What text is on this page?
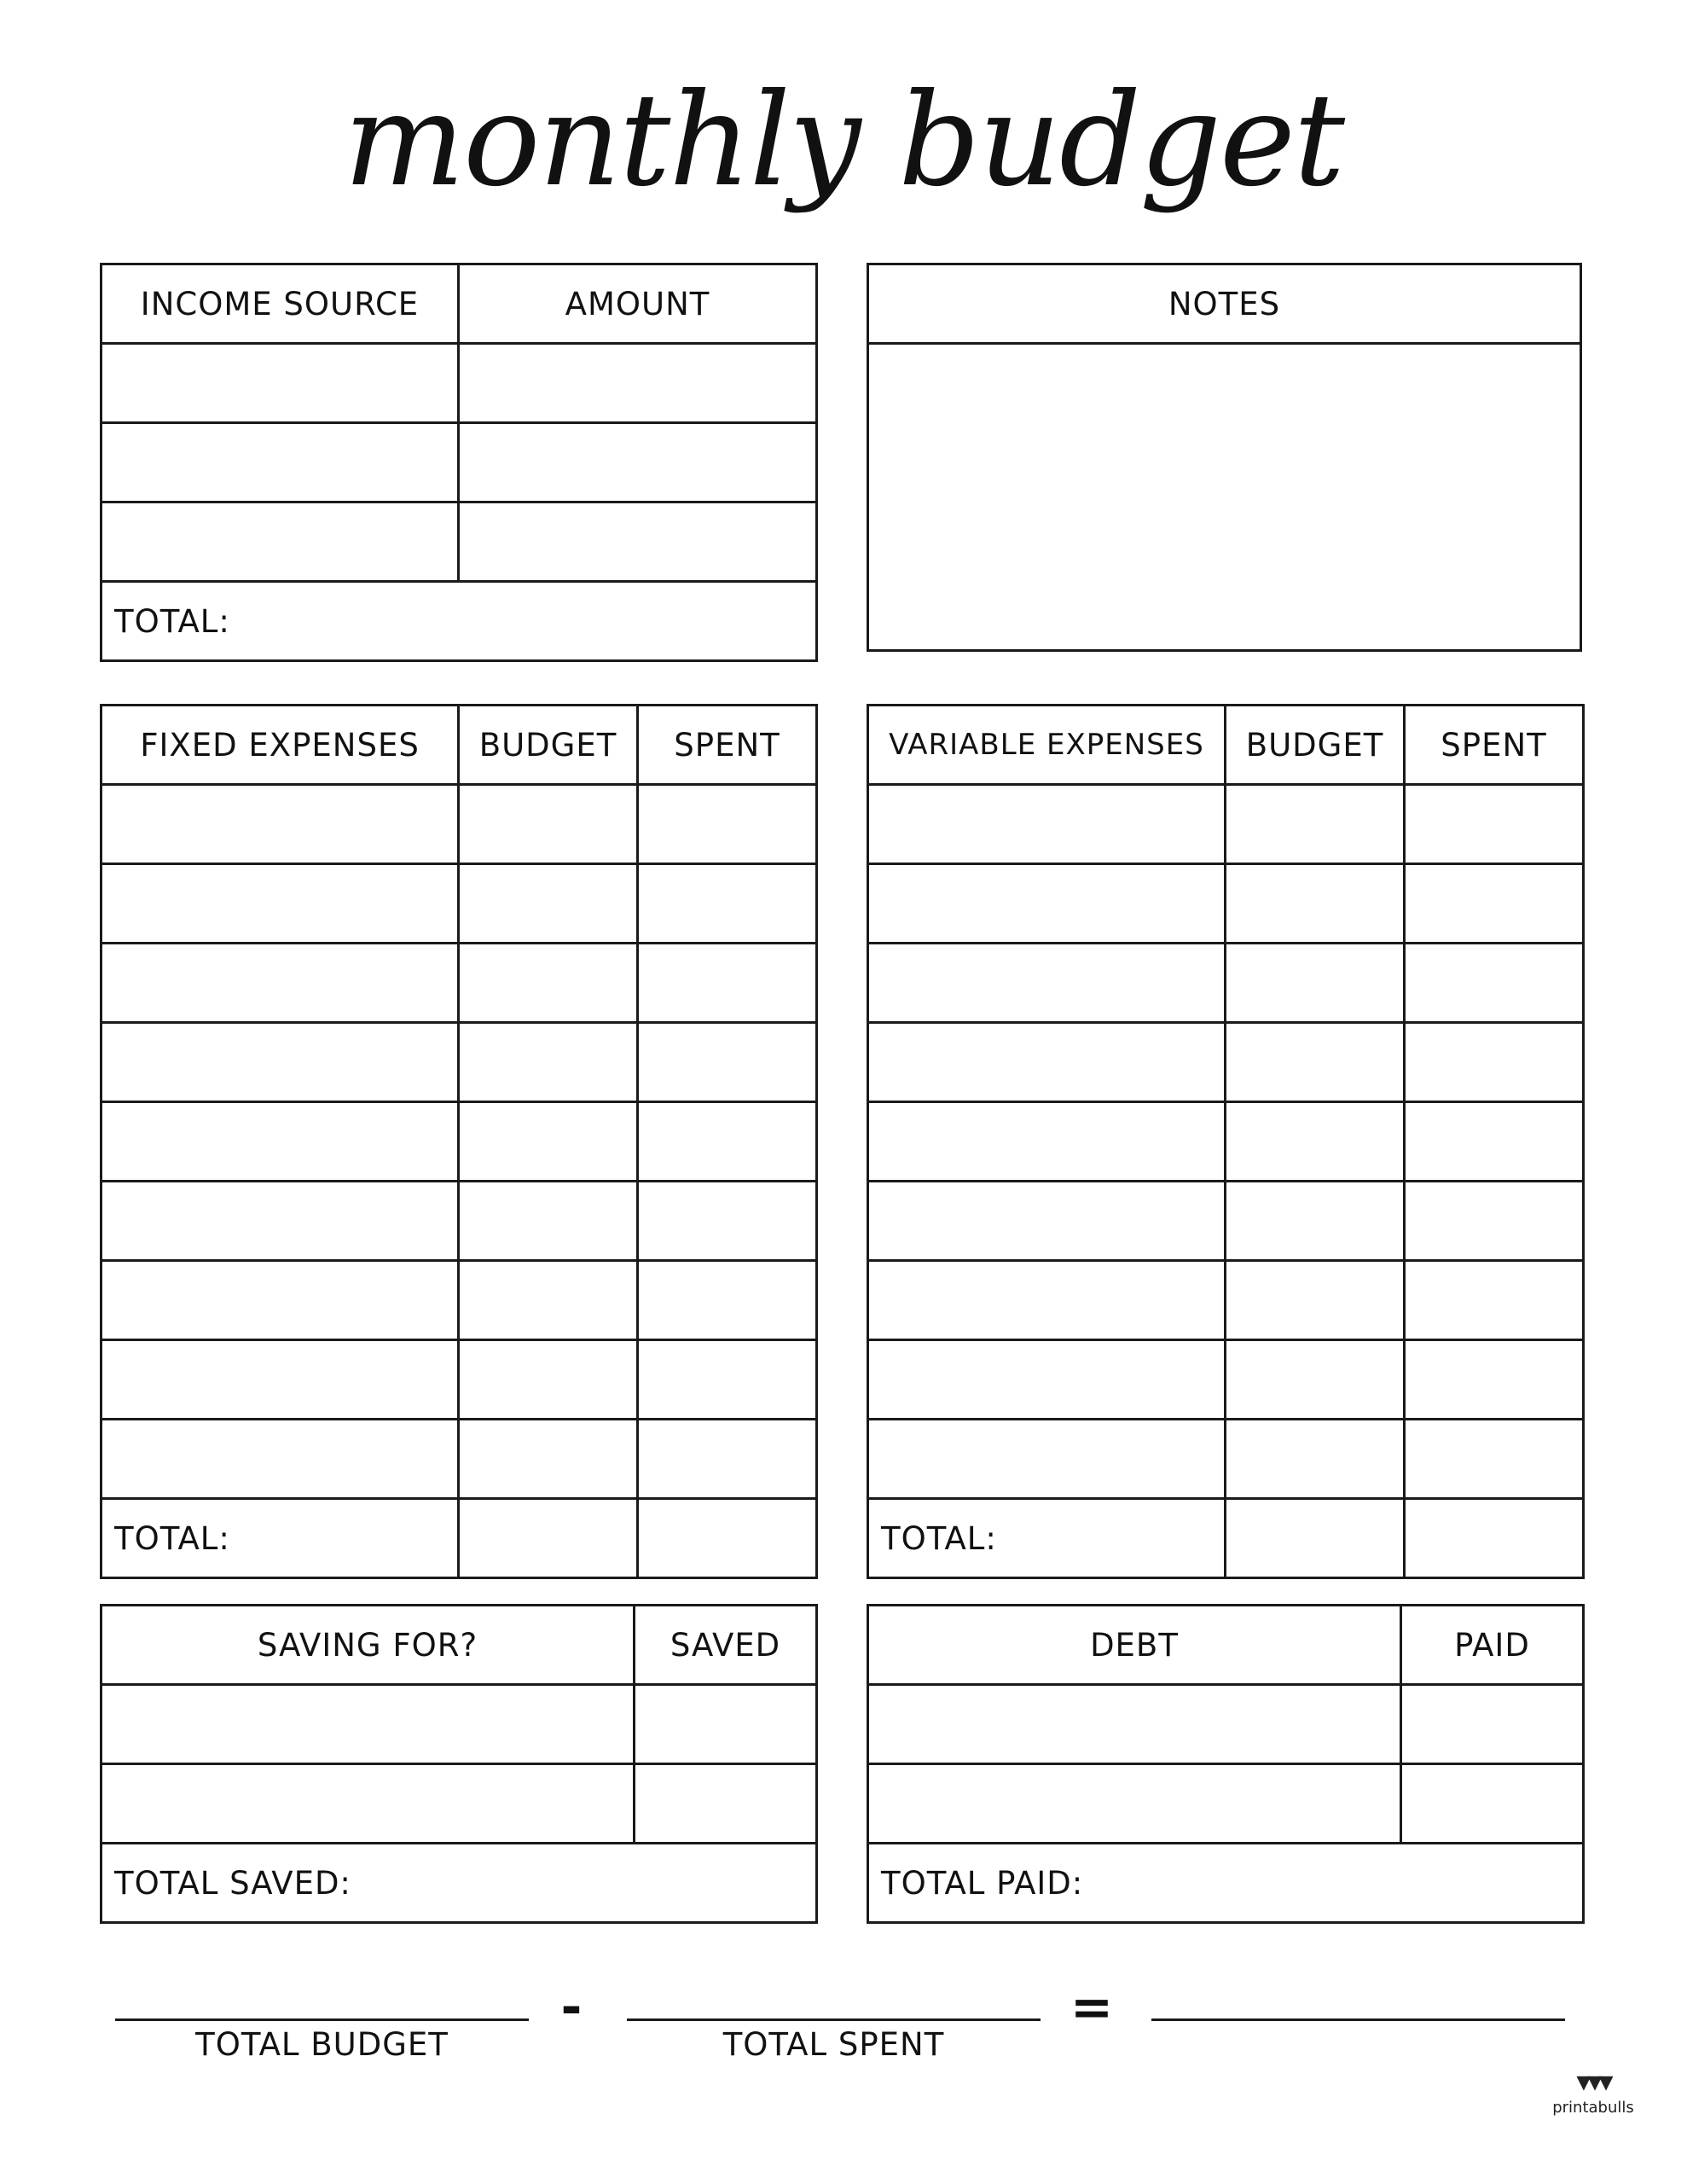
monthly budget
INCOME SOURCE	AMOUNT

TOTAL:	
NOTES

FIXED EXPENSES	BUDGET	SPENT

TOTAL:		
VARIABLE EXPENSES	BUDGET	SPENT

TOTAL:		
SAVING FOR?	SAVED

TOTAL SAVED:	
DEBT	PAID

TOTAL PAID:	
-	=
TOTAL BUDGET	TOTAL SPENT
▾▾▾
printabulls
